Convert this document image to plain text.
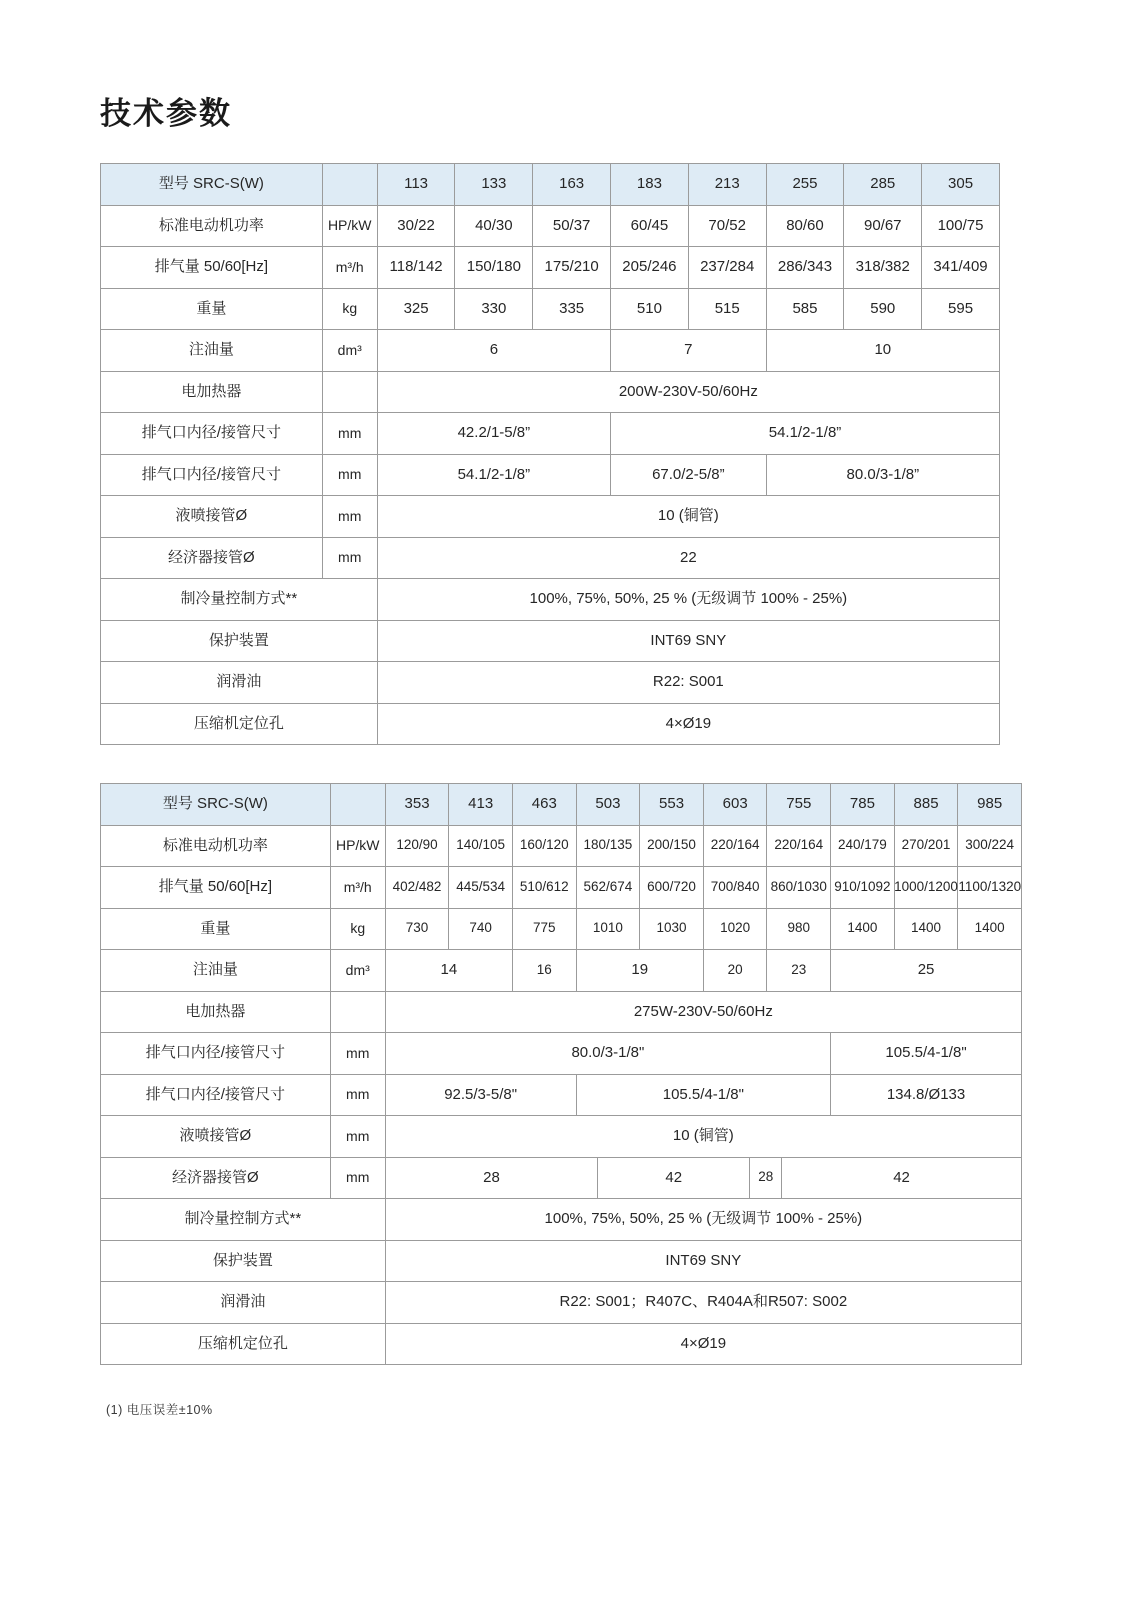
技术参数
型号 SRC-S(W)	113	133	163	183	213	255	285	305
标准电动机功率	HP/kW	30/22	40/30	50/37	60/45	70/52	80/60	90/67	100/75
排气量 50/60[Hz]	m³/h	118/142	150/180	175/210	205/246	237/284	286/343	318/382	341/409
重量	kg	325	330	335	510	515	585	590	595
注油量	dm³	6	7	10
电加热器	200W-230V-50/60Hz
排气口内径/接管尺寸	mm	42.2/1-5/8”	54.1/2-1/8”
排气口内径/接管尺寸	mm	54.1/2-1/8”	67.0/2-5/8”	80.0/3-1/8”
液喷接管Ø	mm	10 (铜管)
经济器接管Ø	mm	22
制冷量控制方式**	100%, 75%, 50%, 25 % (无级调节 100% - 25%)
保护装置	INT69 SNY
润滑油	R22: S001
压缩机定位孔	4×Ø19
型号 SRC-S(W)	353	413	463	503	553	603	755	785	885	985
标准电动机功率	HP/kW	120/90	140/105	160/120	180/135	200/150	220/164	220/164	240/179	270/201	300/224
排气量 50/60[Hz]	m³/h	402/482	445/534	510/612	562/674	600/720	700/840 860/1030 910/1092 1000/1200 1100/1320
重量	kg	730	740	775	1010	1030	1020	980	1400	1400	1400
注油量	dm³	14	16	19	20	23	25
电加热器	275W-230V-50/60Hz
排气口内径/接管尺寸	mm	80.0/3-1/8"	105.5/4-1/8"
排气口内径/接管尺寸	mm	92.5/3-5/8"	105.5/4-1/8"	134.8/Ø133
液喷接管Ø	mm	10 (铜管)
经济器接管Ø	mm	28	42	28	42
制冷量控制方式**	100%, 75%, 50%, 25 % (无级调节 100% - 25%)
保护装置	INT69 SNY
润滑油	R22: S001；R407C、R404A和R507: S002
压缩机定位孔	4×Ø19
(1) 电压误差±10%
